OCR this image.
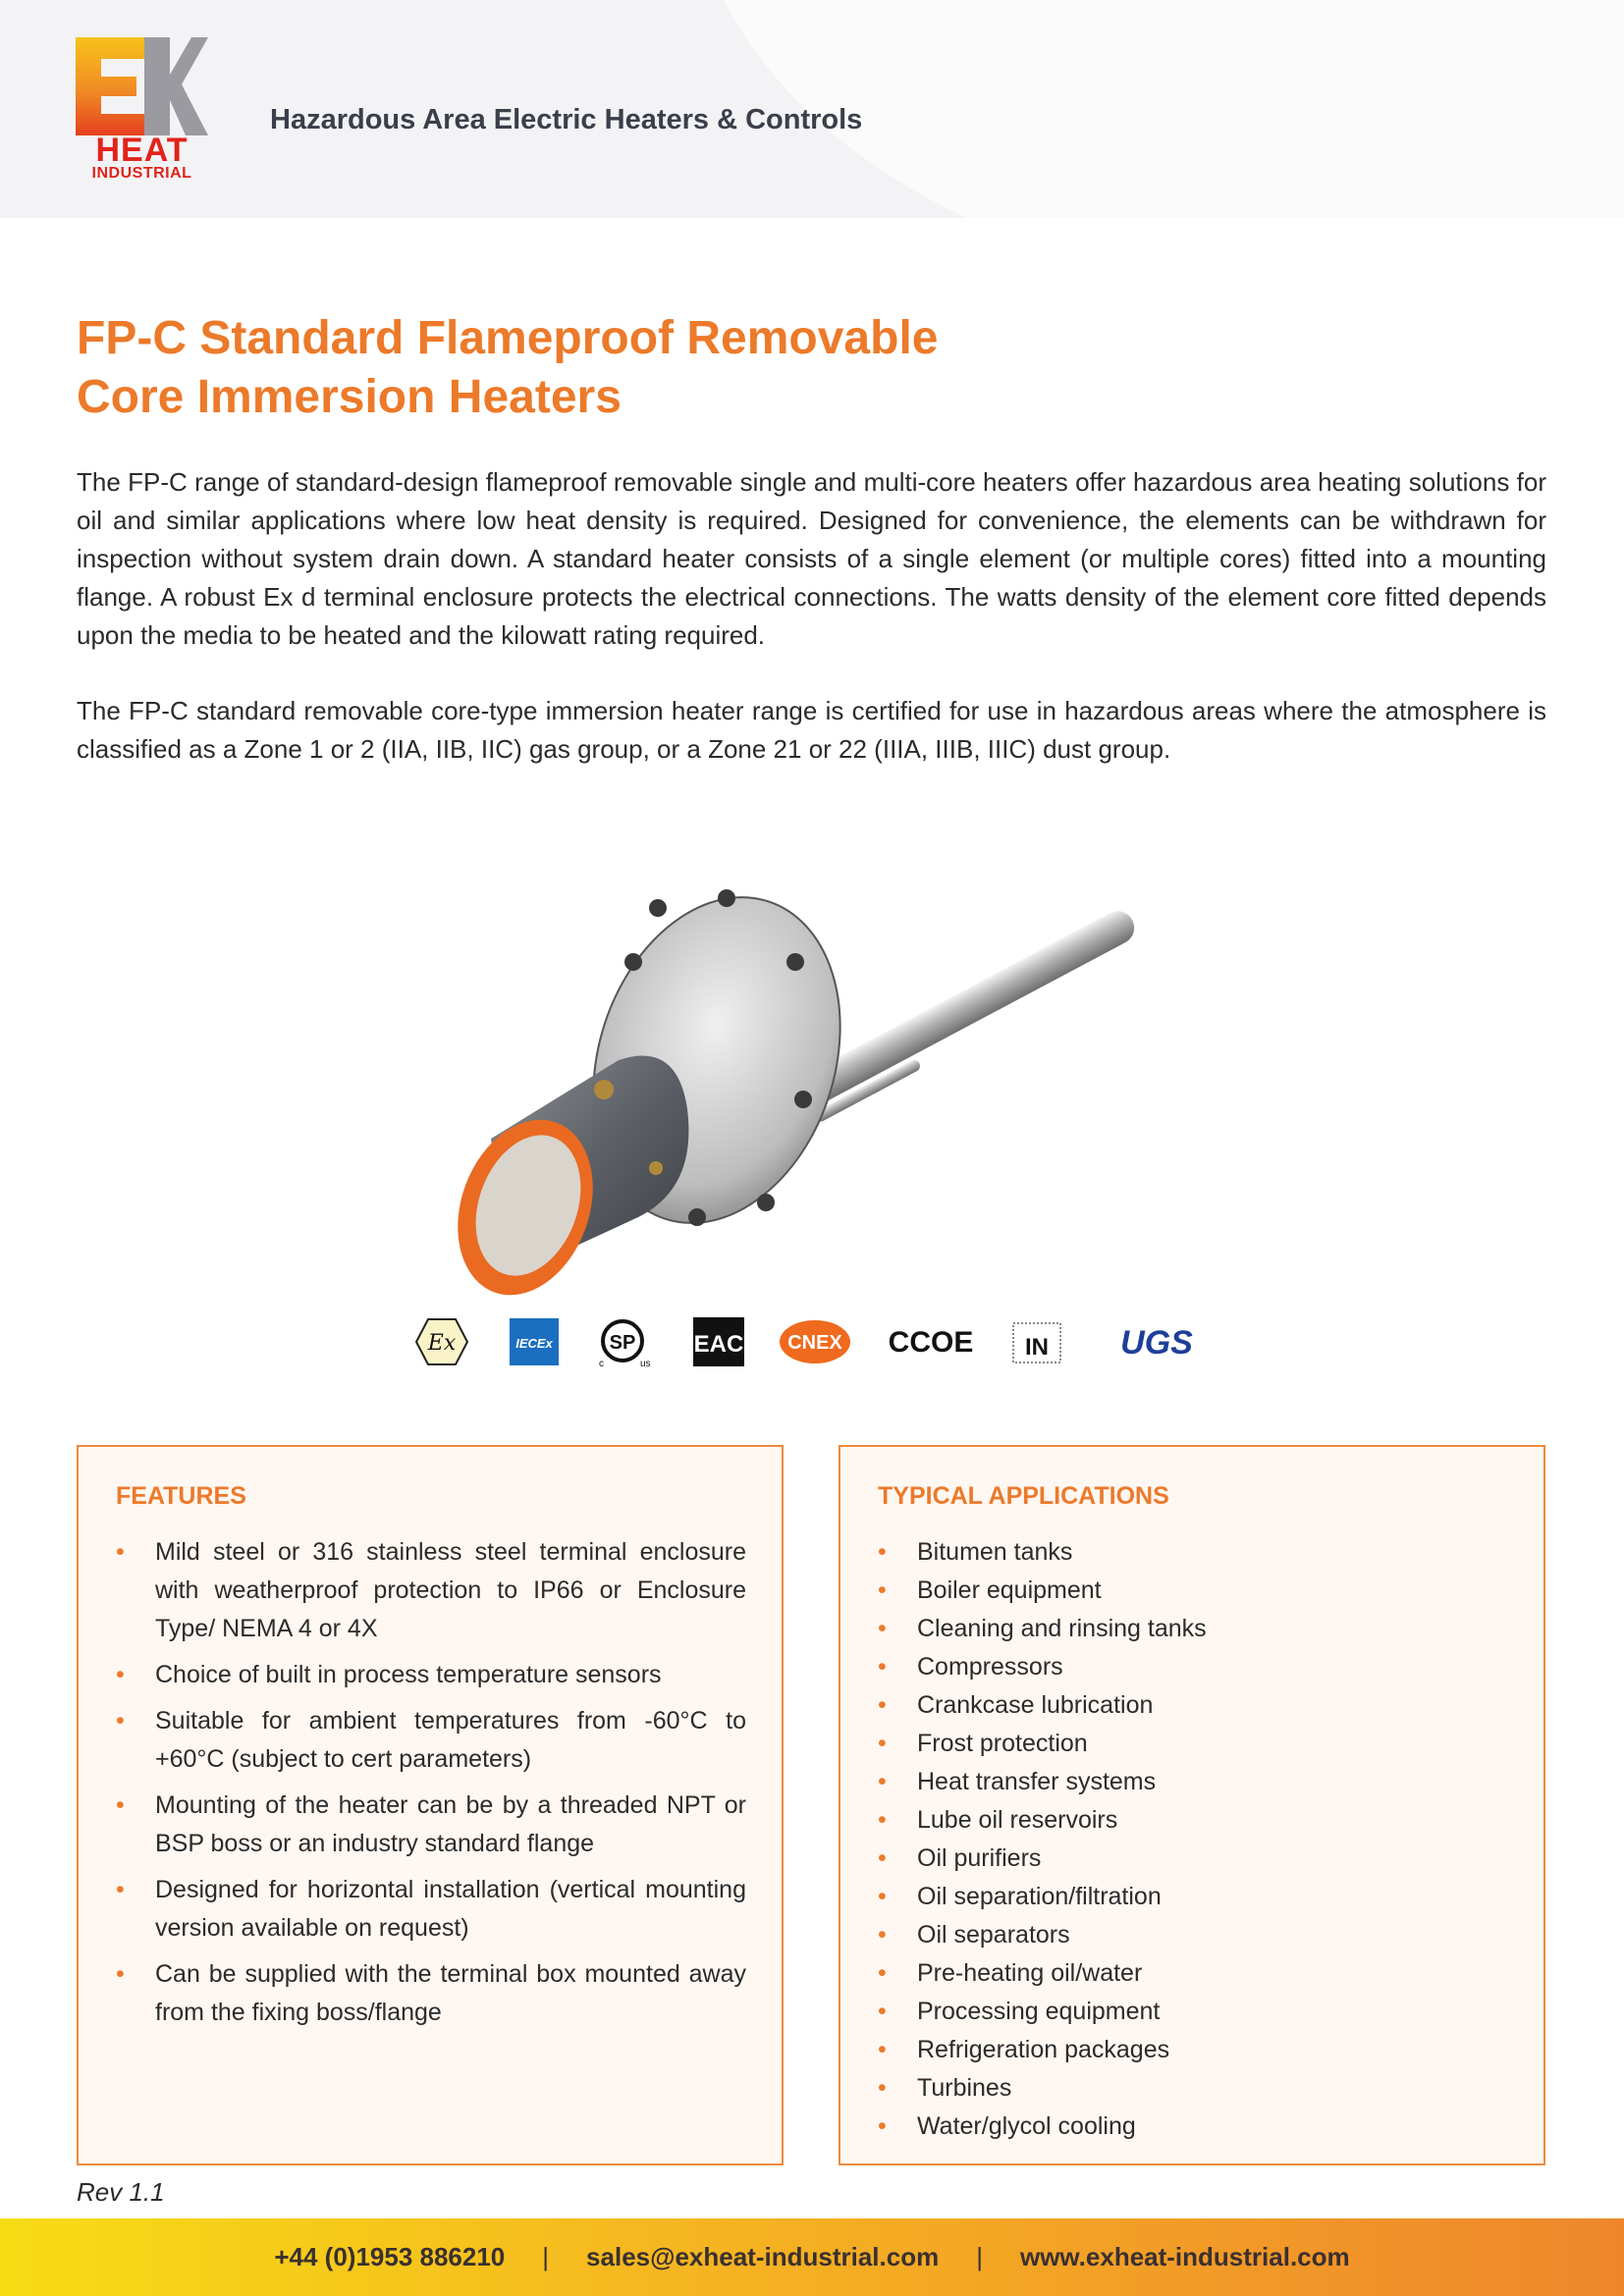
HEAT
INDUSTRIAL
Hazardous Area Electric Heaters & Controls
FP-C Standard Flameproof Removable
Core Immersion Heaters

The FP-C range of standard-design flameproof removable single and multi-core heaters offer hazardous area heating solutions for oil and similar applications where low heat density is required. Designed for convenience, the elements can be withdrawn for inspection without system drain down. A standard heater consists of a single element (or multiple cores) fitted into a mounting flange. A robust Ex d terminal enclosure protects the electrical connections. The watts density of the element core fitted depends upon the media to be heated and the kilowatt rating required.

The FP-C standard removable core-type immersion heater range is certified for use in hazardous areas where the atmosphere is classified as a Zone 1 or 2 (IIA, IIB, IIC) gas group, or a Zone 21 or 22 (IIIA, IIIB, IIIC) dust group.

Ex	IECEx	SP
c	us
EAC CNEX CCOE IN UGS
FEATURES
• Mild steel or 316 stainless steel terminal enclosure with weatherproof protection to IP66 or Enclosure Type/ NEMA 4 or 4X
• Choice of built in process temperature sensors
• Suitable for ambient temperatures from -60°C to +60°C (subject to cert parameters)
• Mounting of the heater can be by a threaded NPT or BSP boss or an industry standard flange
• Designed for horizontal installation (vertical mounting version available on request)
• Can be supplied with the terminal box mounted away from the fixing boss/flange
TYPICAL APPLICATIONS
• Bitumen tanks
• Boiler equipment
• Cleaning and rinsing tanks
• Compressors
• Crankcase lubrication
• Frost protection
• Heat transfer systems
• Lube oil reservoirs
• Oil purifiers
• Oil separation/filtration
• Oil separators
• Pre-heating oil/water
• Processing equipment
• Refrigeration packages
• Turbines
• Water/glycol cooling
Rev 1.1
+44 (0)1953 886210 | sales@exheat-industrial.com | www.exheat-industrial.com
